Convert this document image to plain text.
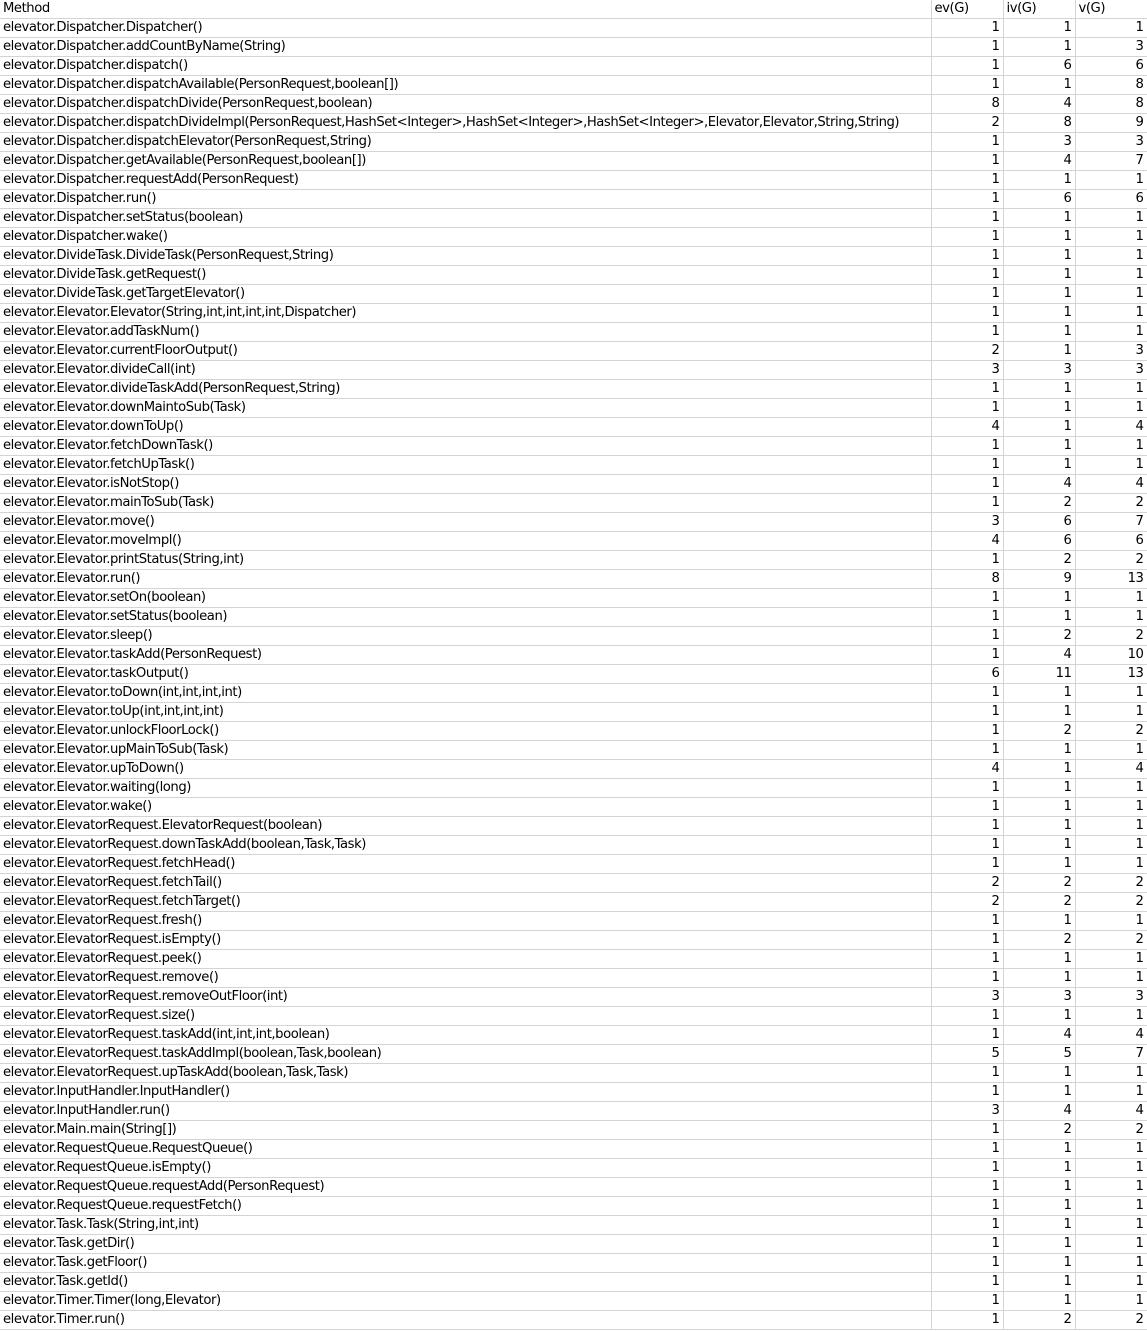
Method	ev(G)	iv(G)	v(G)
elevator.Dispatcher.Dispatcher()	1	1	1
elevator.Dispatcher.addCountByName(String)	1	1	3
elevator.Dispatcher.dispatch()	1	6	6
elevator.Dispatcher.dispatchAvailable(PersonRequest,boolean[])	1	1	8
elevator.Dispatcher.dispatchDivide(PersonRequest,boolean)	8	4	8
elevator.Dispatcher.dispatchDivideImpl(PersonRequest,HashSet<Integer>,HashSet<Integer>,HashSet<Integer>,Elevator,Elevator,String,String)	2	8	9
elevator.Dispatcher.dispatchElevator(PersonRequest,String)	1	3	3
elevator.Dispatcher.getAvailable(PersonRequest,boolean[])	1	4	7
elevator.Dispatcher.requestAdd(PersonRequest)	1	1	1
elevator.Dispatcher.run()	1	6	6
elevator.Dispatcher.setStatus(boolean)	1	1	1
elevator.Dispatcher.wake()	1	1	1
elevator.DivideTask.DivideTask(PersonRequest,String)	1	1	1
elevator.DivideTask.getRequest()	1	1	1
elevator.DivideTask.getTargetElevator()	1	1	1
elevator.Elevator.Elevator(String,int,int,int,int,Dispatcher)	1	1	1
elevator.Elevator.addTaskNum()	1	1	1
elevator.Elevator.currentFloorOutput()	2	1	3
elevator.Elevator.divideCall(int)	3	3	3
elevator.Elevator.divideTaskAdd(PersonRequest,String)	1	1	1
elevator.Elevator.downMaintoSub(Task)	1	1	1
elevator.Elevator.downToUp()	4	1	4
elevator.Elevator.fetchDownTask()	1	1	1
elevator.Elevator.fetchUpTask()	1	1	1
elevator.Elevator.isNotStop()	1	4	4
elevator.Elevator.mainToSub(Task)	1	2	2
elevator.Elevator.move()	3	6	7
elevator.Elevator.moveImpl()	4	6	6
elevator.Elevator.printStatus(String,int)	1	2	2
elevator.Elevator.run()	8	9	13
elevator.Elevator.setOn(boolean)	1	1	1
elevator.Elevator.setStatus(boolean)	1	1	1
elevator.Elevator.sleep()	1	2	2
elevator.Elevator.taskAdd(PersonRequest)	1	4	10
elevator.Elevator.taskOutput()	6	11	13
elevator.Elevator.toDown(int,int,int,int)	1	1	1
elevator.Elevator.toUp(int,int,int,int)	1	1	1
elevator.Elevator.unlockFloorLock()	1	2	2
elevator.Elevator.upMainToSub(Task)	1	1	1
elevator.Elevator.upToDown()	4	1	4
elevator.Elevator.waiting(long)	1	1	1
elevator.Elevator.wake()	1	1	1
elevator.ElevatorRequest.ElevatorRequest(boolean)	1	1	1
elevator.ElevatorRequest.downTaskAdd(boolean,Task,Task)	1	1	1
elevator.ElevatorRequest.fetchHead()	1	1	1
elevator.ElevatorRequest.fetchTail()	2	2	2
elevator.ElevatorRequest.fetchTarget()	2	2	2
elevator.ElevatorRequest.fresh()	1	1	1
elevator.ElevatorRequest.isEmpty()	1	2	2
elevator.ElevatorRequest.peek()	1	1	1
elevator.ElevatorRequest.remove()	1	1	1
elevator.ElevatorRequest.removeOutFloor(int)	3	3	3
elevator.ElevatorRequest.size()	1	1	1
elevator.ElevatorRequest.taskAdd(int,int,int,boolean)	1	4	4
elevator.ElevatorRequest.taskAddImpl(boolean,Task,boolean)	5	5	7
elevator.ElevatorRequest.upTaskAdd(boolean,Task,Task)	1	1	1
elevator.InputHandler.InputHandler()	1	1	1
elevator.InputHandler.run()	3	4	4
elevator.Main.main(String[])	1	2	2
elevator.RequestQueue.RequestQueue()	1	1	1
elevator.RequestQueue.isEmpty()	1	1	1
elevator.RequestQueue.requestAdd(PersonRequest)	1	1	1
elevator.RequestQueue.requestFetch()	1	1	1
elevator.Task.Task(String,int,int)	1	1	1
elevator.Task.getDir()	1	1	1
elevator.Task.getFloor()	1	1	1
elevator.Task.getId()	1	1	1
elevator.Timer.Timer(long,Elevator)	1	1	1
elevator.Timer.run()	1	2	2
